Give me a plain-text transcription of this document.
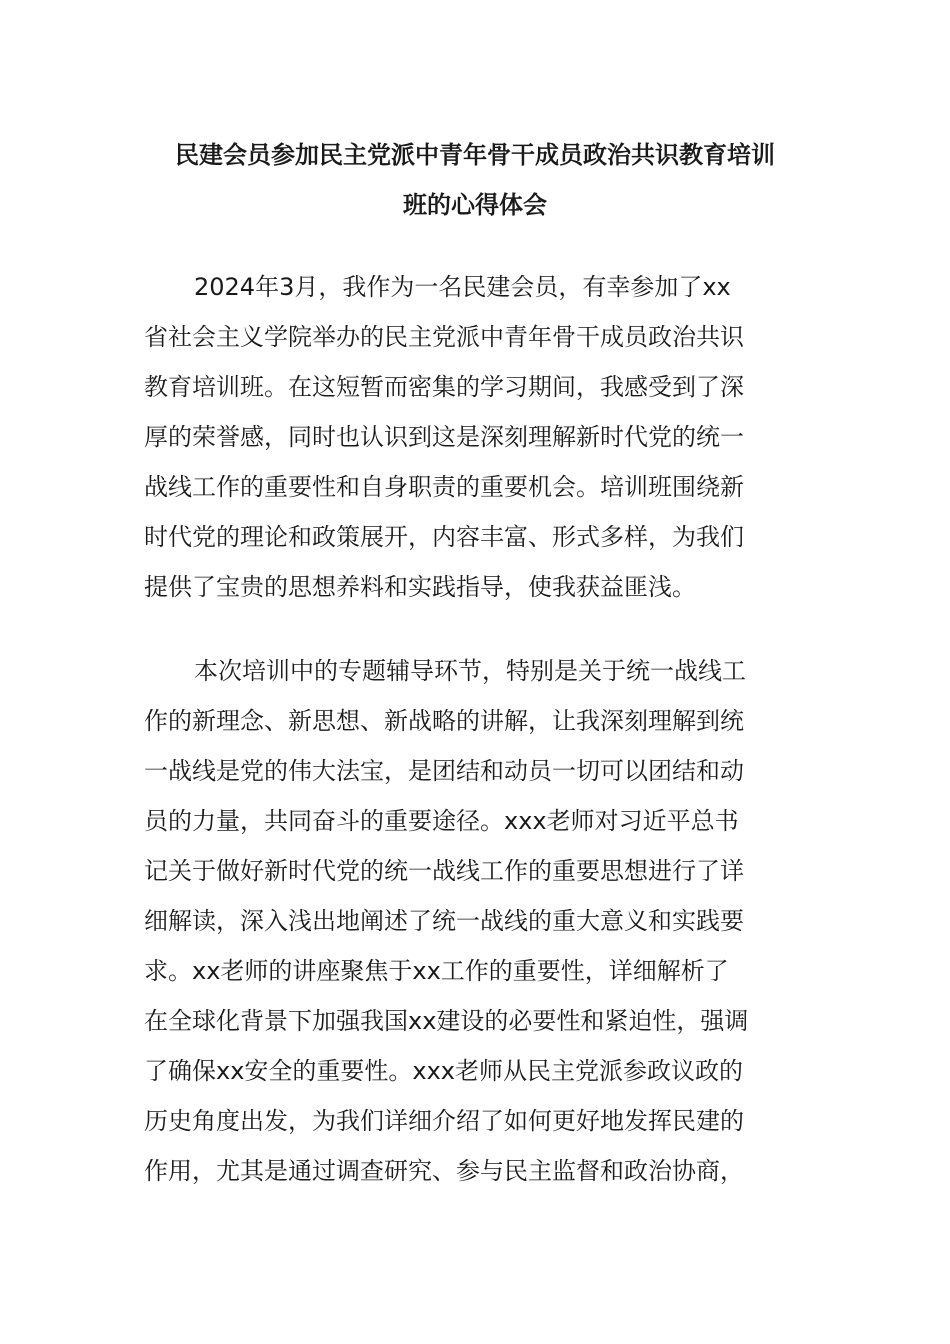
民建会员参加民主党派中青年骨干成员政治共识教育培训
班的心得体会
2024年3月，我作为一名民建会员，有幸参加了xx
省社会主义学院举办的民主党派中青年骨干成员政治共识
教育培训班。在这短暂而密集的学习期间，我感受到了深
厚的荣誉感，同时也认识到这是深刻理解新时代党的统一
战线工作的重要性和自身职责的重要机会。培训班围绕新
时代党的理论和政策展开，内容丰富、形式多样，为我们
提供了宝贵的思想养料和实践指导，使我获益匪浅。
本次培训中的专题辅导环节，特别是关于统一战线工
作的新理念、新思想、新战略的讲解，让我深刻理解到统
一战线是党的伟大法宝，是团结和动员一切可以团结和动
员的力量，共同奋斗的重要途径。xxx老师对习近平总书
记关于做好新时代党的统一战线工作的重要思想进行了详
细解读，深入浅出地阐述了统一战线的重大意义和实践要
求。xx老师的讲座聚焦于xx工作的重要性，详细解析了
在全球化背景下加强我国xx建设的必要性和紧迫性，强调
了确保xx安全的重要性。xxx老师从民主党派参政议政的
历史角度出发，为我们详细介绍了如何更好地发挥民建的
作用，尤其是通过调查研究、参与民主监督和政治协商，
